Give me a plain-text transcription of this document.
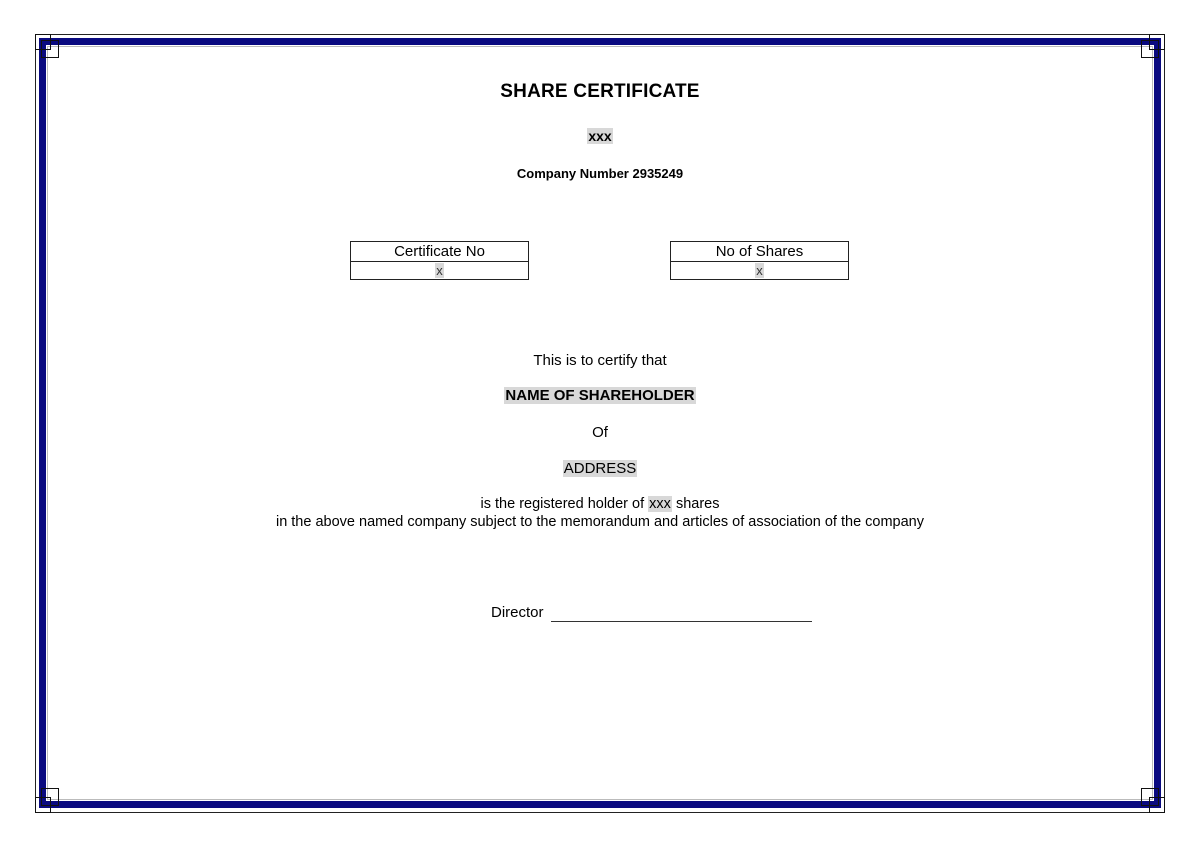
SHARE CERTIFICATE
xxx
Company Number 2935249
Certificate No
x
No of Shares
x
This is to certify that
NAME OF SHAREHOLDER
Of
ADDRESS
is the registered holder of xxx shares
in the above named company subject to the memorandum and articles of association of the company
Director
